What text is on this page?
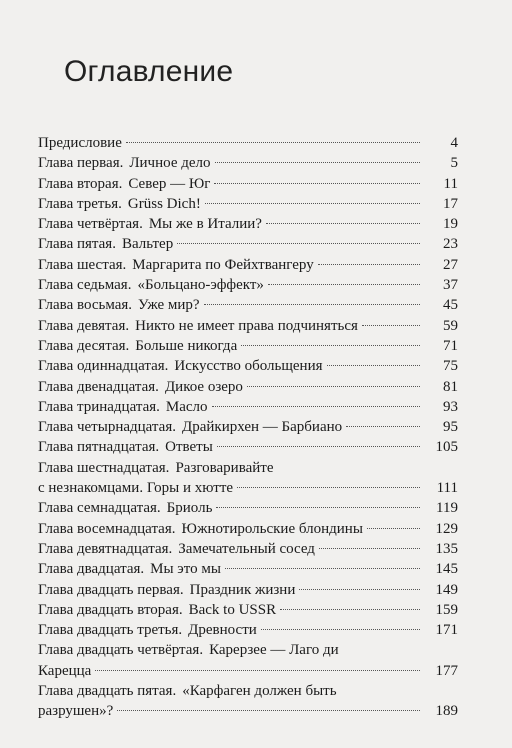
Оглавление
Предисловие	4
Глава первая. Личное дело	5
Глава вторая. Север — Юг	11
Глава третья. Grüss Dich!	17
Глава четвёртая. Мы же в Италии?	19
Глава пятая. Вальтер	23
Глава шестая. Маргарита по Фейхтвангеру	27
Глава седьмая. «Больцано-эффект»	37
Глава восьмая. Уже мир?	45
Глава девятая. Никто не имеет права подчиняться	59
Глава десятая. Больше никогда	71
Глава одиннадцатая. Искусство обольщения	75
Глава двенадцатая. Дикое озеро	81
Глава тринадцатая. Масло	93
Глава четырнадцатая. Драйкирхен — Барбиано	95
Глава пятнадцатая. Ответы	105
Глава шестнадцатая. Разговаривайте
с незнакомцами. Горы и хютте	111
Глава семнадцатая. Бриоль	119
Глава восемнадцатая. Южнотирольские блондины	129
Глава девятнадцатая. Замечательный сосед	135
Глава двадцатая. Мы это мы	145
Глава двадцать первая. Праздник жизни	149
Глава двадцать вторая. Back to USSR	159
Глава двадцать третья. Древности	171
Глава двадцать четвёртая. Карерзее — Лаго ди
Карецца	177
Глава двадцать пятая. «Карфаген должен быть
разрушен»?	189
